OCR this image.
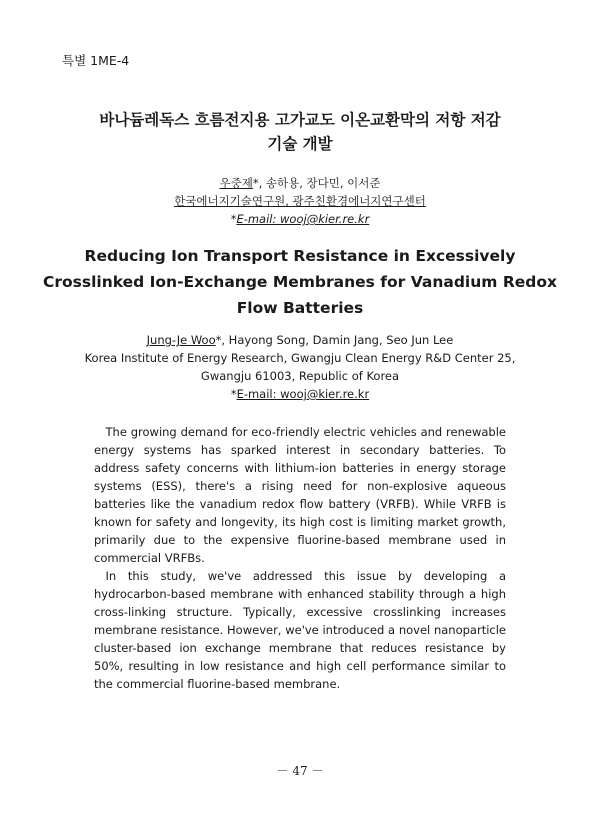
특별 1ME-4
바나듐레독스 흐름전지용 고가교도 이온교환막의 저항 저감
기술 개발
우중제*, 송하용, 장다민, 이서준
한국에너지기술연구원, 광주친환경에너지연구센터
*E-mail: wooj@kier.re.kr
Reducing Ion Transport Resistance in Excessively
Crosslinked Ion-Exchange Membranes for Vanadium Redox
Flow Batteries
Jung-Je Woo*, Hayong Song, Damin Jang, Seo Jun Lee
Korea Institute of Energy Research, Gwangju Clean Energy R&D Center 25,
Gwangju 61003, Republic of Korea
*E-mail: wooj@kier.re.kr

The growing demand for eco-friendly electric vehicles and renewable energy systems has sparked interest in secondary batteries. To address safety concerns with lithium-ion batteries in energy storage systems (ESS), there's a rising need for non-explosive aqueous batteries like the vanadium redox flow battery (VRFB). While VRFB is known for safety and longevity, its high cost is limiting market growth, primarily due to the expensive fluorine-based membrane used in commercial VRFBs.

In this study, we've addressed this issue by developing a hydrocarbon-based membrane with enhanced stability through a high cross-linking structure. Typically, excessive crosslinking increases membrane resistance. However, we've introduced a novel nanoparticle cluster-based ion exchange membrane that reduces resistance by 50%, resulting in low resistance and high cell performance similar to the commercial fluorine-based membrane.

－ 47 －
